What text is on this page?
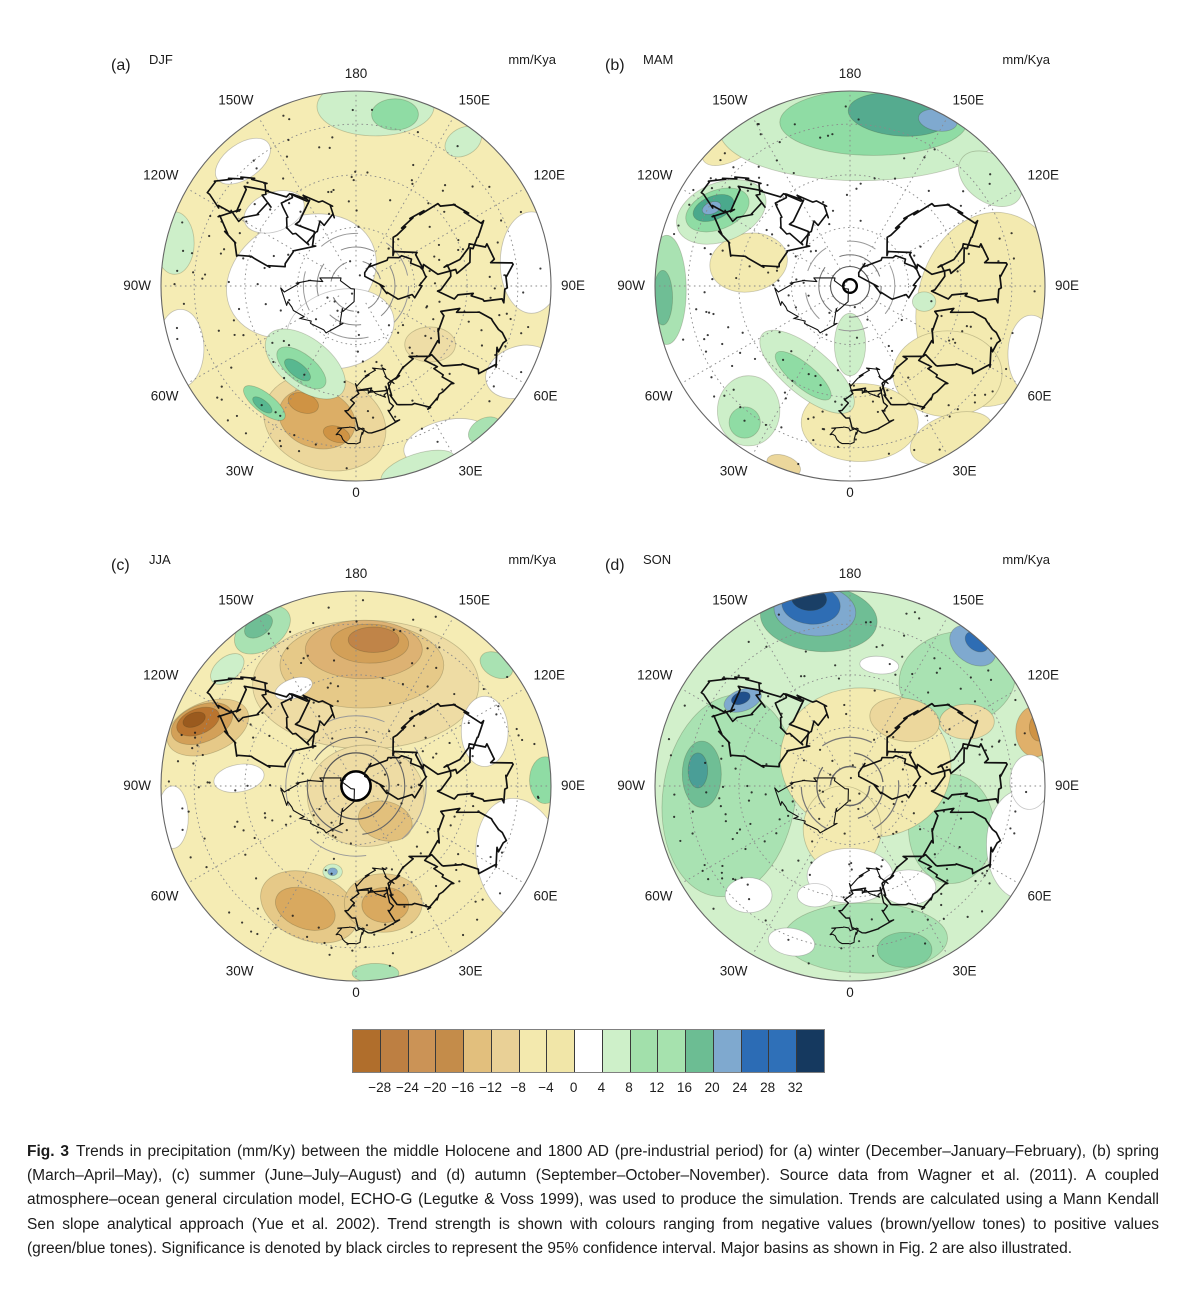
(a) DJF	mm/Kya
180
150W
120W
90W
60W
30W
0
30E
60E
90E
120E
150E
(b) MAM	mm/Kya
180
150W
120W
90W
60W
30W
0
30E
60E
90E
120E
150E
(c) JJA	mm/Kya
180
150W
120W
90W
60W
30W
0
30E
60E
90E
120E
150E
(d) SON	mm/Kya
180
150W
120W
90W
60W
30W
0
30E
60E
90E
120E
150E
−28 −24 −20 −16 −12 −8 −4 0 4 8 12 16 20 24 28 32

Fig. 3 Trends in precipitation (mm/Ky) between the middle Holocene and 1800 AD (pre-industrial period) for (a) winter (December–January–February), (b) spring (March–April–May), (c) summer (June–July–August) and (d) autumn (September–October–November). Source data from Wagner et al. (2011). A coupled atmosphere–ocean general circulation model, ECHO-G (Legutke & Voss 1999), was used to produce the simulation. Trends are calculated using a Mann Kendall Sen slope analytical approach (Yue et al. 2002). Trend strength is shown with colours ranging from negative values (brown/yellow tones) to positive values (green/blue tones). Significance is denoted by black circles to represent the 95% confidence interval. Major basins as shown in Fig. 2 are also illustrated.
